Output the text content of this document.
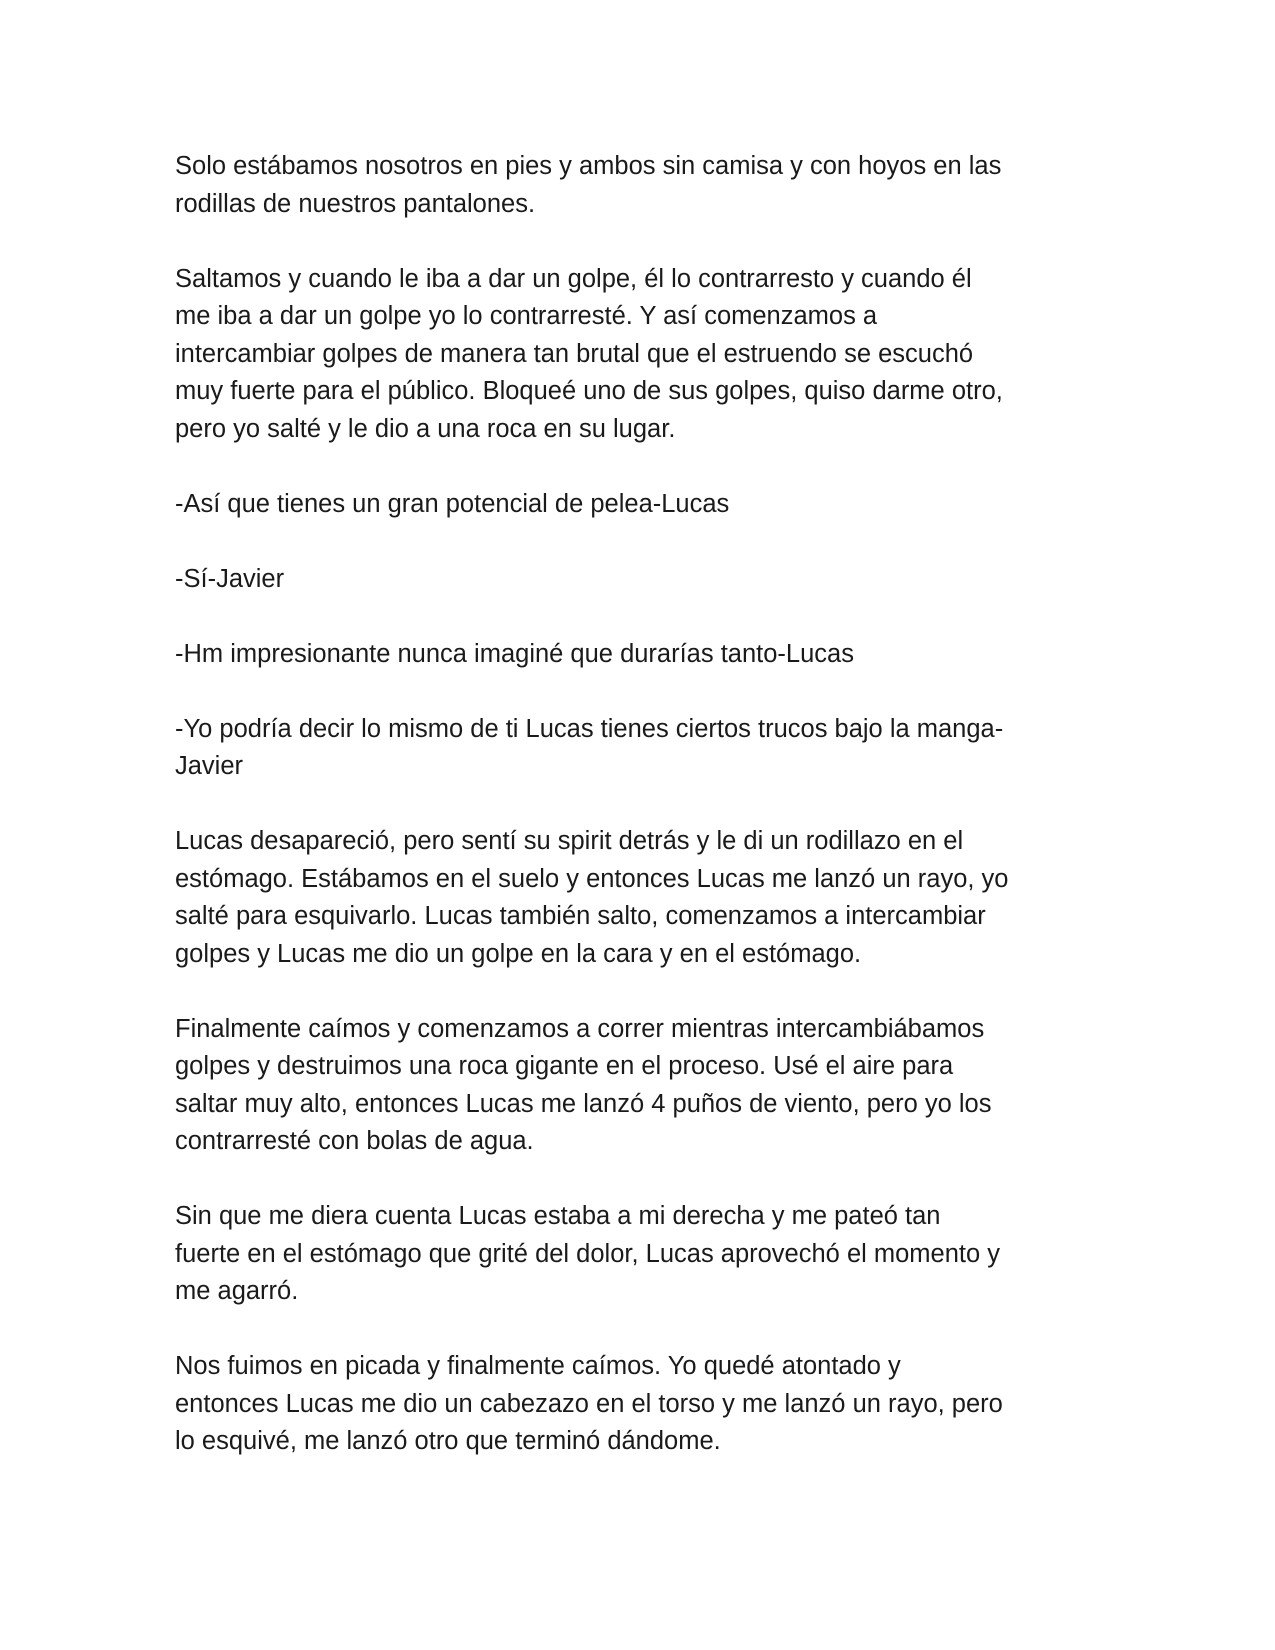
Solo estábamos nosotros en pies y ambos sin camisa y con hoyos en las
rodillas de nuestros pantalones.

Saltamos y cuando le iba a dar un golpe, él lo contrarresto y cuando él
me iba a dar un golpe yo lo contrarresté. Y así comenzamos a
intercambiar golpes de manera tan brutal que el estruendo se escuchó
muy fuerte para el público. Bloqueé uno de sus golpes, quiso darme otro,
pero yo salté y le dio a una roca en su lugar.

-Así que tienes un gran potencial de pelea-Lucas

-Sí-Javier

-Hm impresionante nunca imaginé que durarías tanto-Lucas

-Yo podría decir lo mismo de ti Lucas tienes ciertos trucos bajo la manga-
Javier

Lucas desapareció, pero sentí su spirit detrás y le di un rodillazo en el
estómago. Estábamos en el suelo y entonces Lucas me lanzó un rayo, yo
salté para esquivarlo. Lucas también salto, comenzamos a intercambiar
golpes y Lucas me dio un golpe en la cara y en el estómago.

Finalmente caímos y comenzamos a correr mientras intercambiábamos
golpes y destruimos una roca gigante en el proceso. Usé el aire para
saltar muy alto, entonces Lucas me lanzó 4 puños de viento, pero yo los
contrarresté con bolas de agua.

Sin que me diera cuenta Lucas estaba a mi derecha y me pateó tan
fuerte en el estómago que grité del dolor, Lucas aprovechó el momento y
me agarró.

Nos fuimos en picada y finalmente caímos. Yo quedé atontado y
entonces Lucas me dio un cabezazo en el torso y me lanzó un rayo, pero
lo esquivé, me lanzó otro que terminó dándome.
